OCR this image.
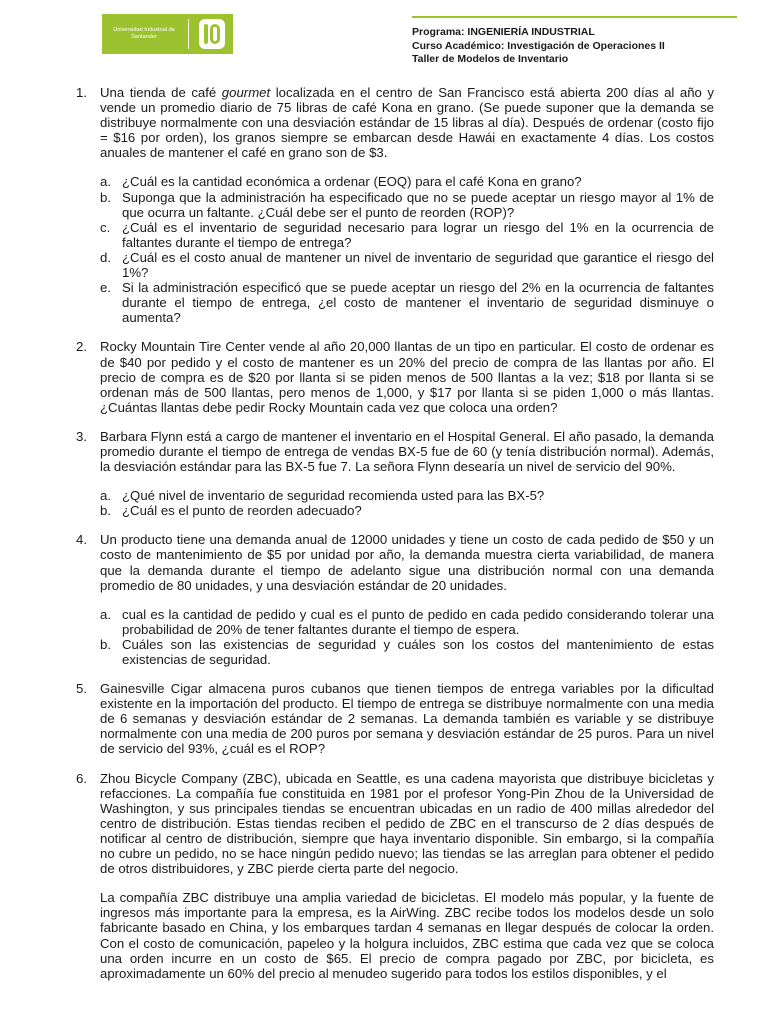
Universidad Industrial de Santander	Programa: INGENIERÍA INDUSTRIAL
Curso Académico: Investigación de Operaciones II
Taller de Modelos de Inventario
1. Una tienda de café gourmet localizada en el centro de San Francisco está abierta 200 días al año y vende un promedio diario de 75 libras de café Kona en grano. (Se puede suponer que la demanda se distribuye normalmente con una desviación estándar de 15 libras al día). Después de ordenar (costo fijo = $16 por orden), los granos siempre se embarcan desde Hawái en exactamente 4 días. Los costos anuales de mantener el café en grano son de $3.

a. ¿Cuál es la cantidad económica a ordenar (EOQ) para el café Kona en grano?
b. Suponga que la administración ha especificado que no se puede aceptar un riesgo mayor al 1% de que ocurra un faltante. ¿Cuál debe ser el punto de reorden (ROP)?
c. ¿Cuál es el inventario de seguridad necesario para lograr un riesgo del 1% en la ocurrencia de faltantes durante el tiempo de entrega?
d. ¿Cuál es el costo anual de mantener un nivel de inventario de seguridad que garantice el riesgo del 1%?
e. Si la administración especificó que se puede aceptar un riesgo del 2% en la ocurrencia de faltantes durante el tiempo de entrega, ¿el costo de mantener el inventario de seguridad disminuye o aumenta?
2. Rocky Mountain Tire Center vende al año 20,000 llantas de un tipo en particular. El costo de ordenar es de $40 por pedido y el costo de mantener es un 20% del precio de compra de las llantas por año. El precio de compra es de $20 por llanta si se piden menos de 500 llantas a la vez; $18 por llanta si se ordenan más de 500 llantas, pero menos de 1,000, y $17 por llanta si se piden 1,000 o más llantas. ¿Cuántas llantas debe pedir Rocky Mountain cada vez que coloca una orden?

3. Barbara Flynn está a cargo de mantener el inventario en el Hospital General. El año pasado, la demanda promedio durante el tiempo de entrega de vendas BX-5 fue de 60 (y tenía distribución normal). Además, la desviación estándar para las BX-5 fue 7. La señora Flynn desearía un nivel de servicio del 90%.

a. ¿Qué nivel de inventario de seguridad recomienda usted para las BX-5?
b. ¿Cuál es el punto de reorden adecuado?
4. Un producto tiene una demanda anual de 12000 unidades y tiene un costo de cada pedido de $50 y un costo de mantenimiento de $5 por unidad por año, la demanda muestra cierta variabilidad, de manera que la demanda durante el tiempo de adelanto sigue una distribución normal con una demanda promedio de 80 unidades, y una desviación estándar de 20 unidades.

a. cual es la cantidad de pedido y cual es el punto de pedido en cada pedido considerando tolerar una probabilidad de 20% de tener faltantes durante el tiempo de espera.
b. Cuáles son las existencias de seguridad y cuáles son los costos del mantenimiento de estas existencias de seguridad.
5. Gainesville Cigar almacena puros cubanos que tienen tiempos de entrega variables por la dificultad existente en la importación del producto. El tiempo de entrega se distribuye normalmente con una media de 6 semanas y desviación estándar de 2 semanas. La demanda también es variable y se distribuye normalmente con una media de 200 puros por semana y desviación estándar de 25 puros. Para un nivel de servicio del 93%, ¿cuál es el ROP?

6. Zhou Bicycle Company (ZBC), ubicada en Seattle, es una cadena mayorista que distribuye bicicletas y refacciones. La compañía fue constituida en 1981 por el profesor Yong-Pin Zhou de la Universidad de Washington, y sus principales tiendas se encuentran ubicadas en un radio de 400 millas alrededor del centro de distribución. Estas tiendas reciben el pedido de ZBC en el transcurso de 2 días después de notificar al centro de distribución, siempre que haya inventario disponible. Sin embargo, si la compañía no cubre un pedido, no se hace ningún pedido nuevo; las tiendas se las arreglan para obtener el pedido de otros distribuidores, y ZBC pierde cierta parte del negocio.

La compañía ZBC distribuye una amplia variedad de bicicletas. El modelo más popular, y la fuente de ingresos más importante para la empresa, es la AirWing. ZBC recibe todos los modelos desde un solo fabricante basado en China, y los embarques tardan 4 semanas en llegar después de colocar la orden. Con el costo de comunicación, papeleo y la holgura incluidos, ZBC estima que cada vez que se coloca una orden incurre en un costo de $65. El precio de compra pagado por ZBC, por bicicleta, es aproximadamente un 60% del precio al menudeo sugerido para todos los estilos disponibles, y el
